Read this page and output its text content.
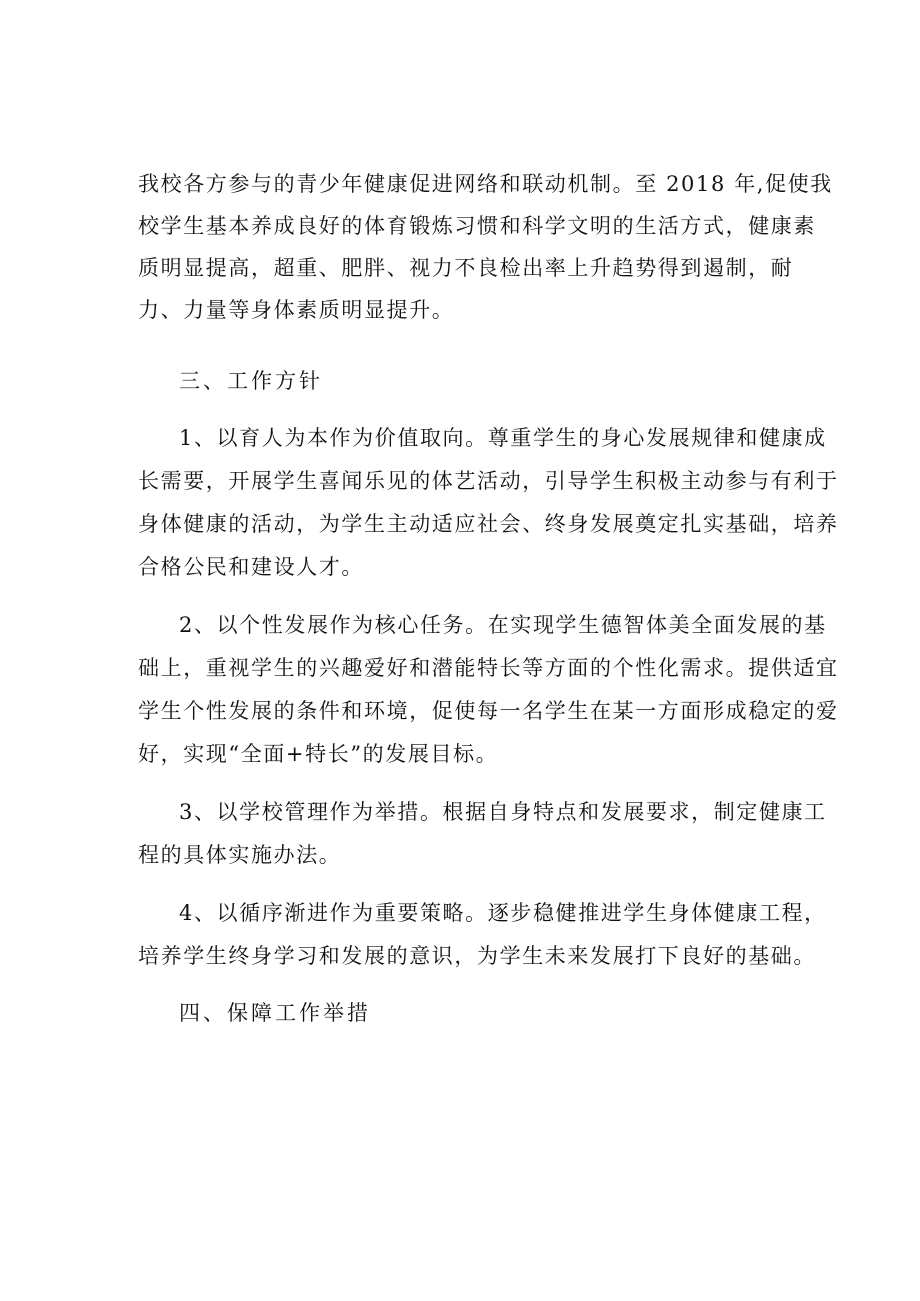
我校各方参与的青少年健康促进网络和联动机制。至 2018 年,促使我
校学生基本养成良好的体育锻炼习惯和科学文明的生活方式，健康素
质明显提高，超重、肥胖、视力不良检出率上升趋势得到遏制，耐
力、力量等身体素质明显提升。
三、工作方针
1、以育人为本作为价值取向。尊重学生的身心发展规律和健康成
长需要，开展学生喜闻乐见的体艺活动，引导学生积极主动参与有利于
身体健康的活动，为学生主动适应社会、终身发展奠定扎实基础，培养
合格公民和建设人才。
2、以个性发展作为核心任务。在实现学生德智体美全面发展的基
础上，重视学生的兴趣爱好和潜能特长等方面的个性化需求。提供适宜
学生个性发展的条件和环境，促使每一名学生在某一方面形成稳定的爱
好，实现“全面+特长”的发展目标。
3、以学校管理作为举措。根据自身特点和发展要求，制定健康工
程的具体实施办法。
4、以循序渐进作为重要策略。逐步稳健推进学生身体健康工程，
培养学生终身学习和发展的意识，为学生未来发展打下良好的基础。
四、保障工作举措
